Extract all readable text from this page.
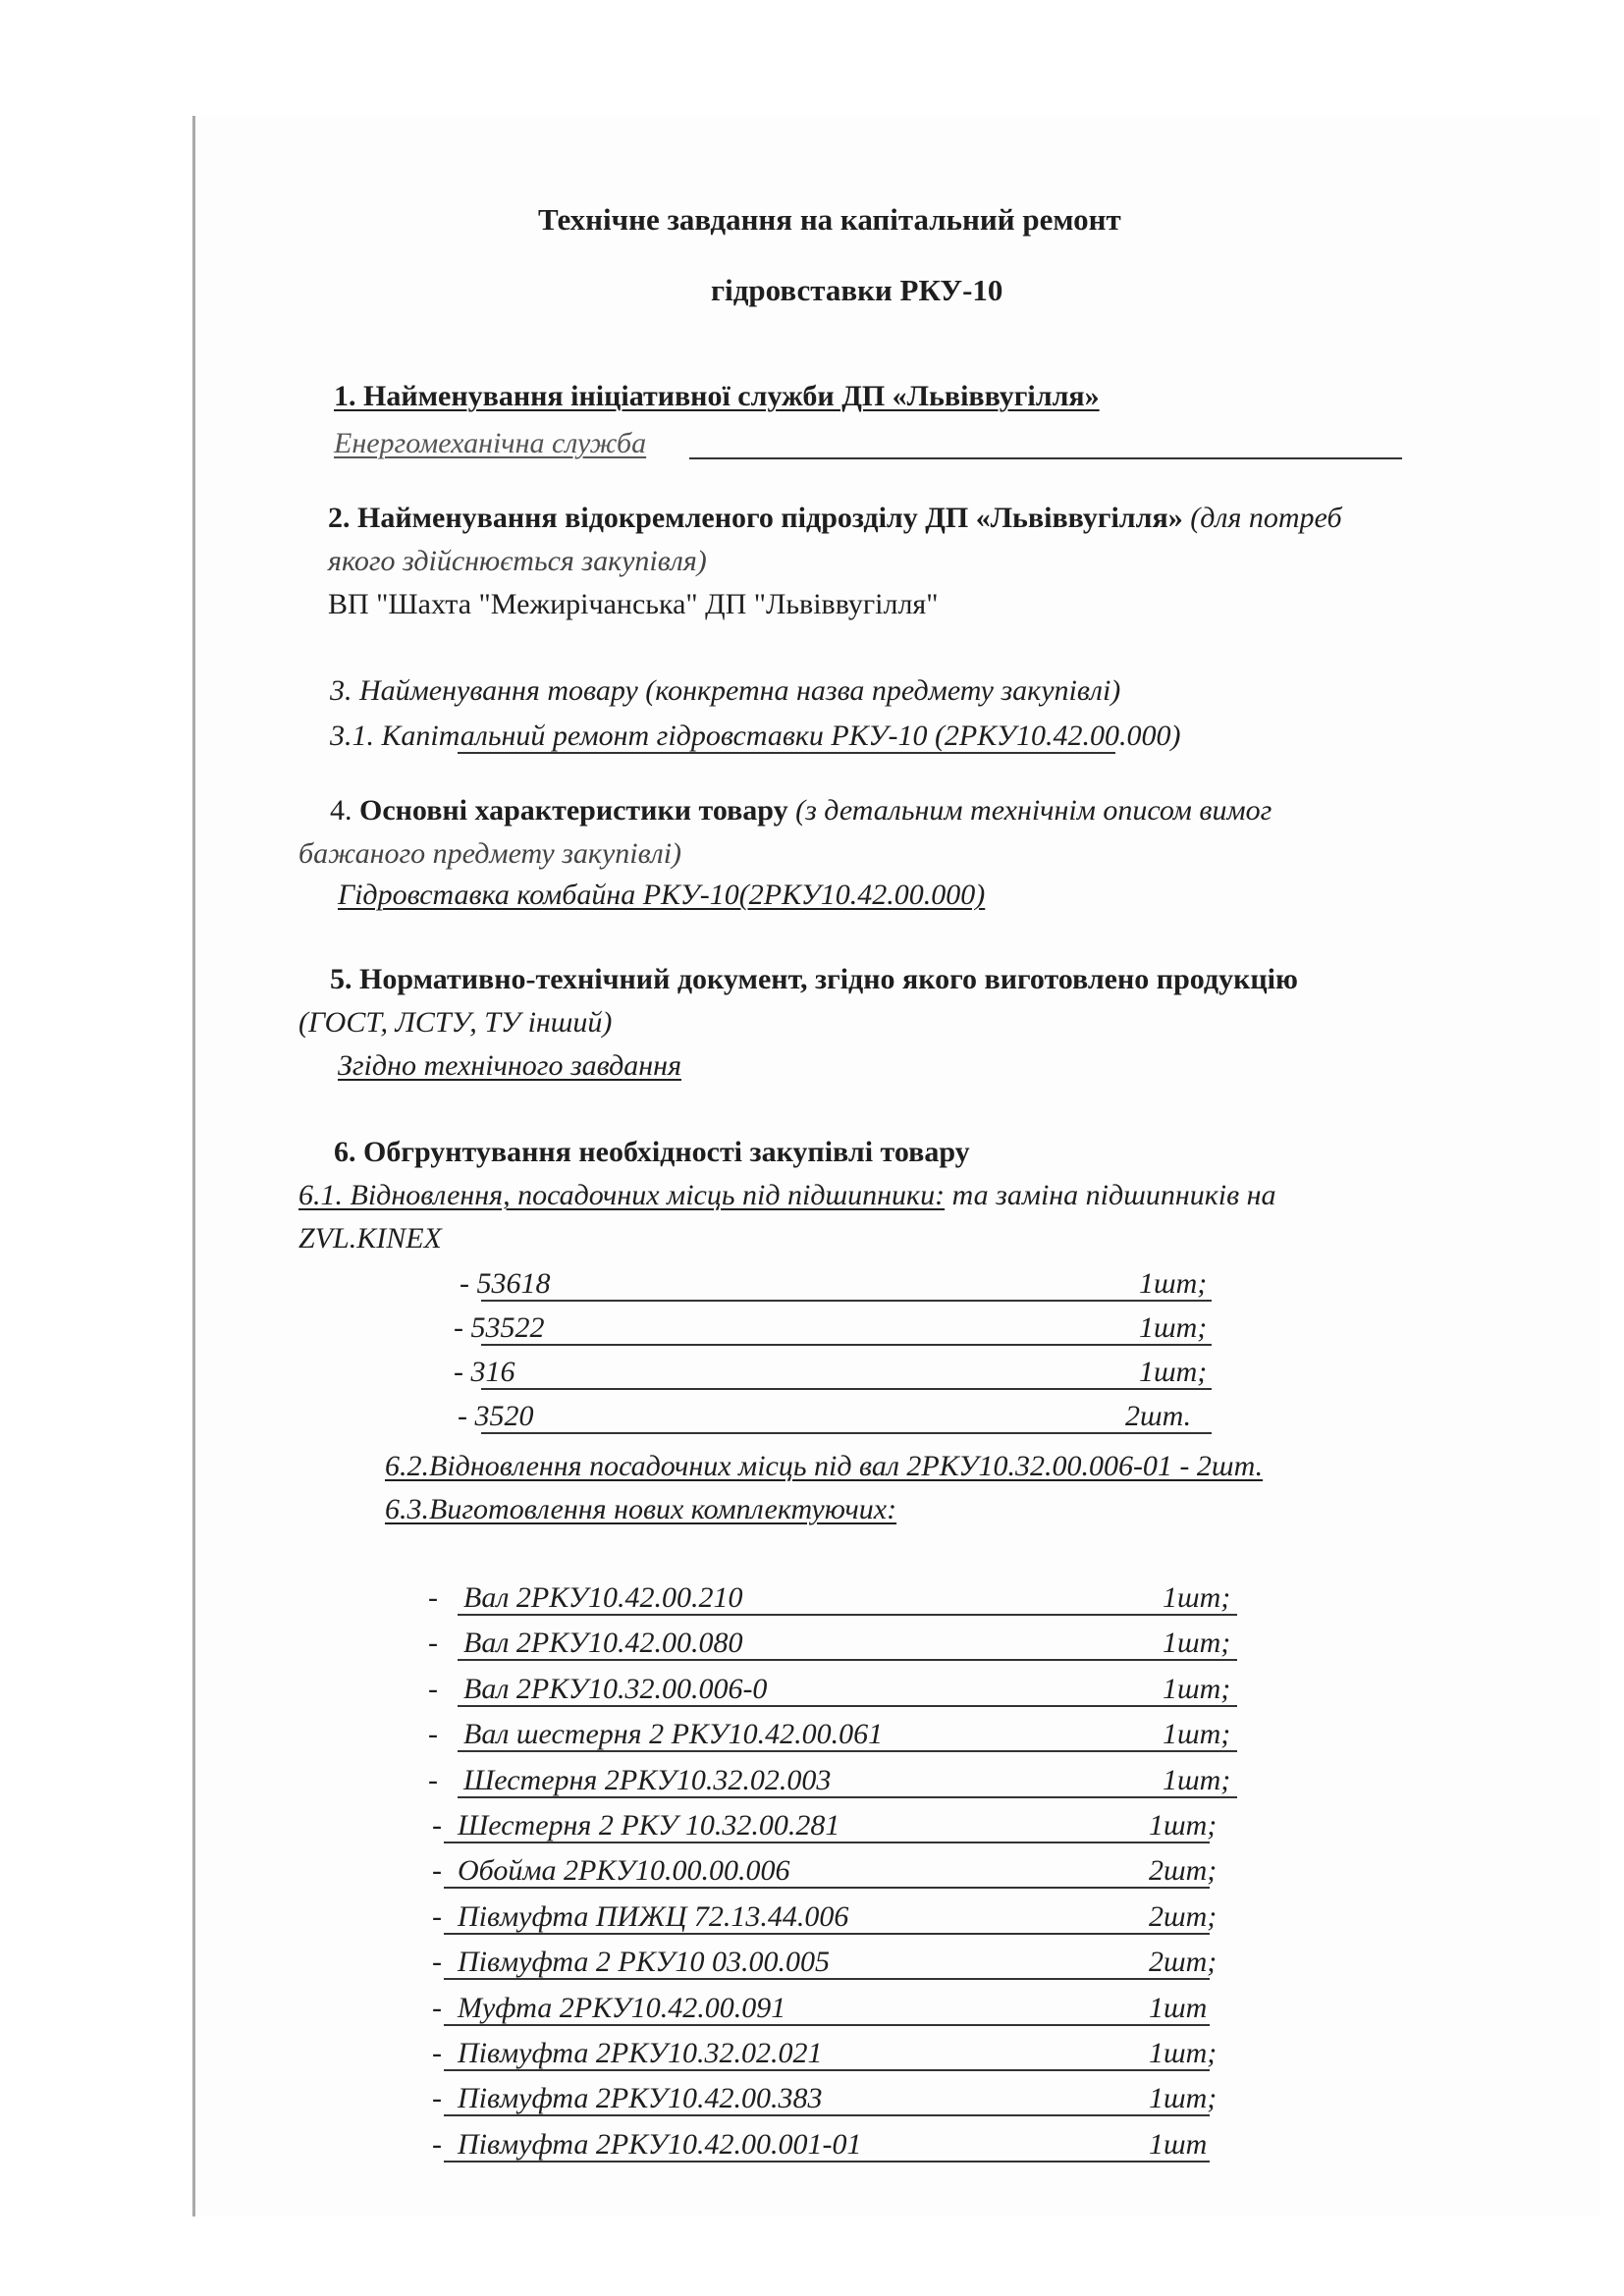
Технічне завдання на капітальний ремонт
гідровставки РКУ-10
1. Найменування ініціативної служби ДП «Львіввугілля»
Енергомеханічна служба
2. Найменування відокремленого підрозділу ДП «Львіввугілля» (для потреб
якого здійснюється закупівля)
ВП "Шахта "Межирічанська" ДП "Львіввугілля"
3. Найменування товару (конкретна назва предмету закупівлі)
3.1. Капітальний ремонт гідровставки РКУ-10 (2РКУ10.42.00.000)
4. Основні характеристики товару (з детальним технічнім описом вимог
бажаного предмету закупівлі)
Гідровставка комбайна РКУ-10(2РКУ10.42.00.000)
5. Нормативно-технічний документ, згідно якого виготовлено продукцію
(ГОСТ, ЛСТУ, ТУ інший)
Згідно технічного завдання
6. Обгрунтування необхідності закупівлі товару
6.1. Відновлення, посадочних місць під підшипники: та заміна підшипників на
ZVL.KINEX
- 53618	1шт;
- 53522	1шт;
- 316	1шт;
- 3520	2шт.
6.2.Відновлення посадочних місць під вал 2РКУ10.32.00.006-01 - 2шт.
6.3.Виготовлення нових комплектуючих:
- Вал 2РКУ10.42.00.210	1шт;
- Вал 2РКУ10.42.00.080	1шт;
- Вал 2РКУ10.32.00.006-0	1шт;
- Вал шестерня 2 РКУ10.42.00.061	1шт;
- Шестерня 2РКУ10.32.02.003	1шт;
- Шестерня 2 РКУ 10.32.00.281	1шт;
- Обойма 2РКУ10.00.00.006	2шт;
- Півмуфта ПИЖЦ 72.13.44.006	2шт;
- Півмуфта 2 РКУ10 03.00.005	2шт;
- Муфта 2РКУ10.42.00.091	1шт
- Півмуфта 2РКУ10.32.02.021	1шт;
- Півмуфта 2РКУ10.42.00.383	1шт;
- Півмуфта 2РКУ10.42.00.001-01	1шт
